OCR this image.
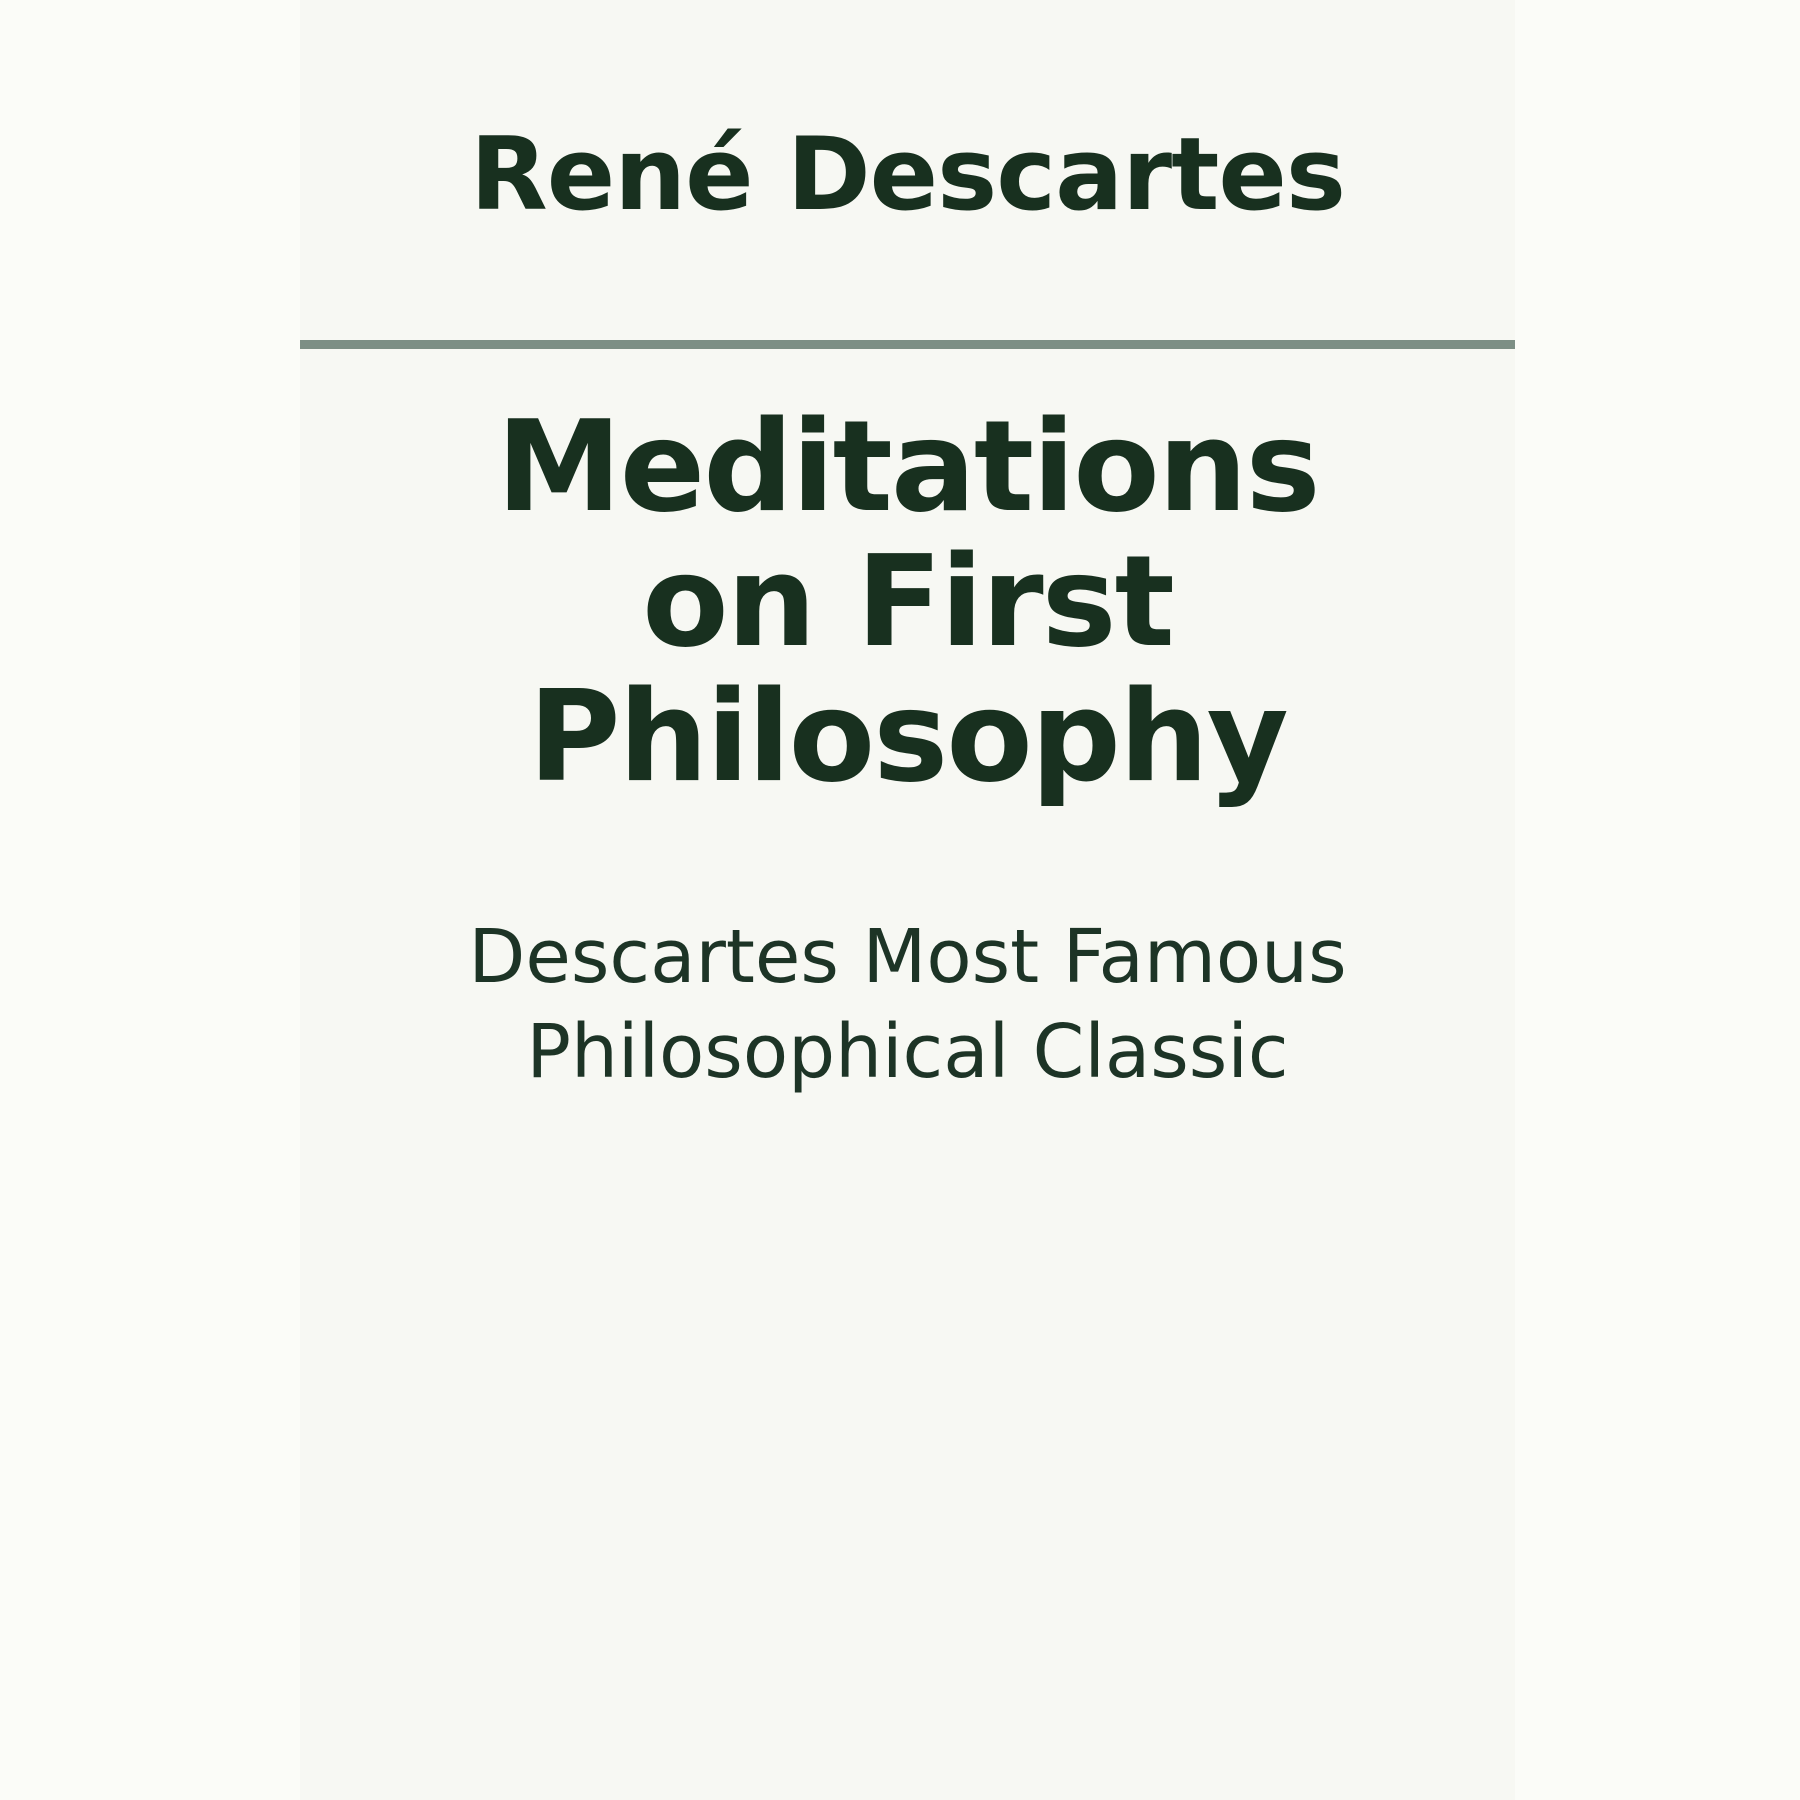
René Descartes
Meditations
on First
Philosophy
Descartes Most Famous
Philosophical Classic
